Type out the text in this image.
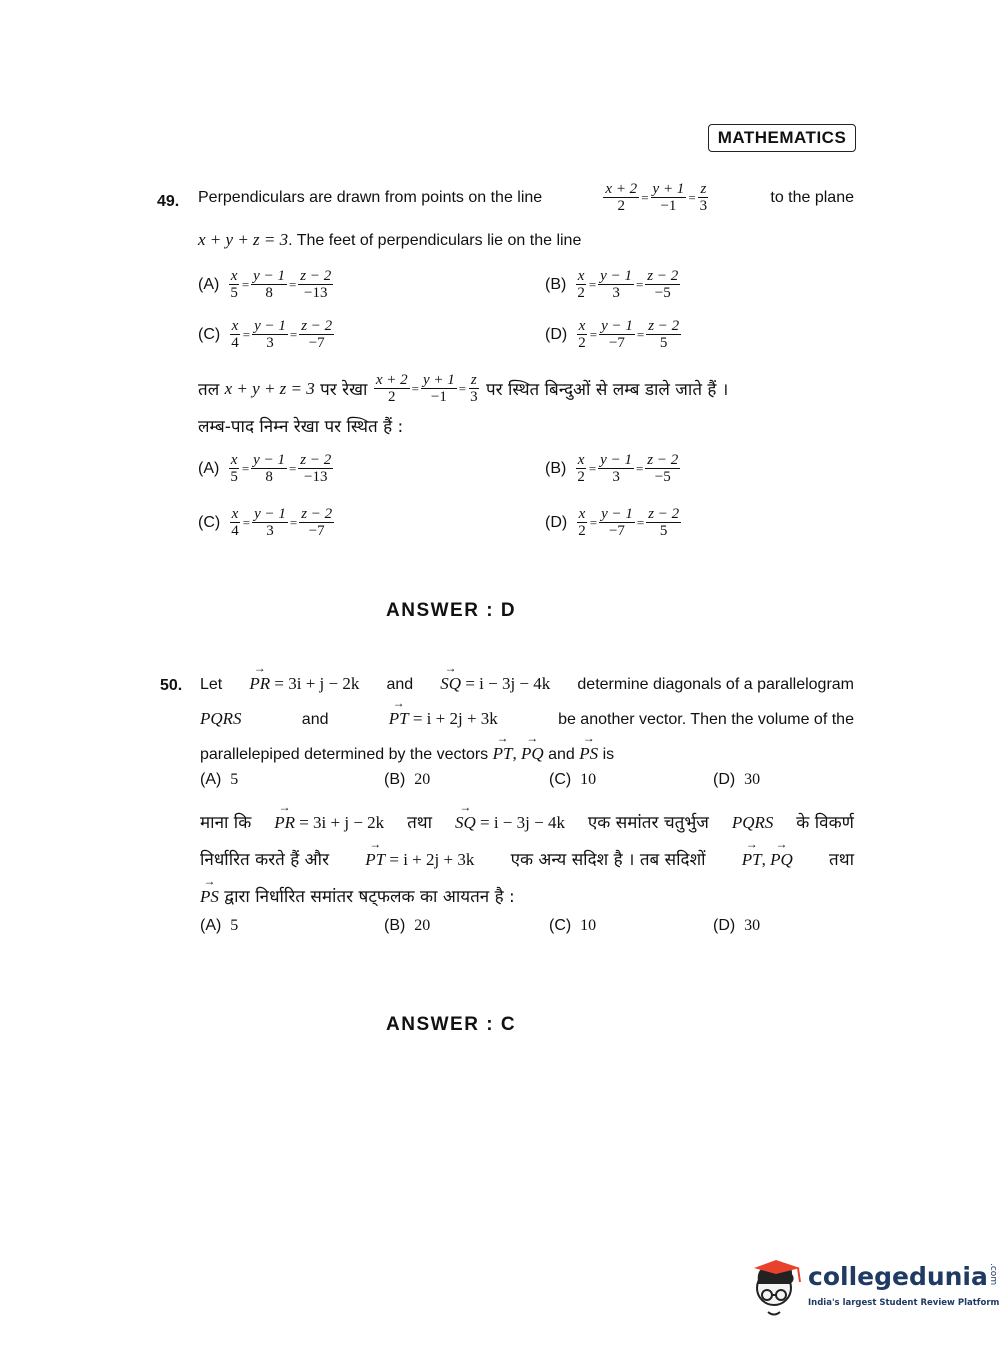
MATHEMATICS
49. Perpendiculars are drawn from points on the line	$\frac{x + 2}{2} = \frac{y + 1}{-1} = \frac{z}{3}$	to the plane
x + y + z = 3. The feet of perpendiculars lie on the line
$(A) \frac{x}{5} = \frac{y - 1}{8} = \frac{z - 2}{-13}$	$(B) \frac{x}{2} = \frac{y - 1}{3} = \frac{z - 2}{-5}$
$(C) \frac{x}{4} = \frac{y - 1}{3} = \frac{z - 2}{-7}$	$(D) \frac{x}{2} = \frac{y - 1}{-7} = \frac{z - 2}{5}$
तल
x + y + z = 3
पर रेखा
$\frac{x + 2}{2} = \frac{y + 1}{-1} = \frac{z}{3}$
पर स्थित बिन्दुओं से लम्ब डाले जाते हैं ।
लम्ब-पाद निम्न रेखा पर स्थित हैं :
$(A) \frac{x}{5} = \frac{y - 1}{8} = \frac{z - 2}{-13}$	$(B) \frac{x}{2} = \frac{y - 1}{3} = \frac{z - 2}{-5}$
$(C) \frac{x}{4} = \frac{y - 1}{3} = \frac{z - 2}{-7}$	$(D) \frac{x}{2} = \frac{y - 1}{-7} = \frac{z - 2}{5}$
ANSWER : D
50. Let → PR = 3i + j − 2k and → SQ = i − 3j − 4k determine diagonals of a parallelogram
PQRS	and	→ PT = i + 2j + 3k	be another vector. Then the volume of the
parallelepiped determined by the vectors → PT, → PQ and → PS is
(A) 5	(B) 20	(C) 10	(D) 30
माना कि → PR = 3i + j − 2k तथा → SQ = i − 3j − 4k एक समांतर चतुर्भुज PQRS के विकर्ण
निर्धारित करते हैं और → PT = i + 2j + 3k एक अन्य सदिश है । तब सदिशों → PT, → PQ तथा
→ PS द्वारा निर्धारित समांतर षट्फलक का आयतन है :
(A) 5	(B) 20	(C) 10	(D) 30
ANSWER : C
collegedunia.com
India's largest Student Review Platform
